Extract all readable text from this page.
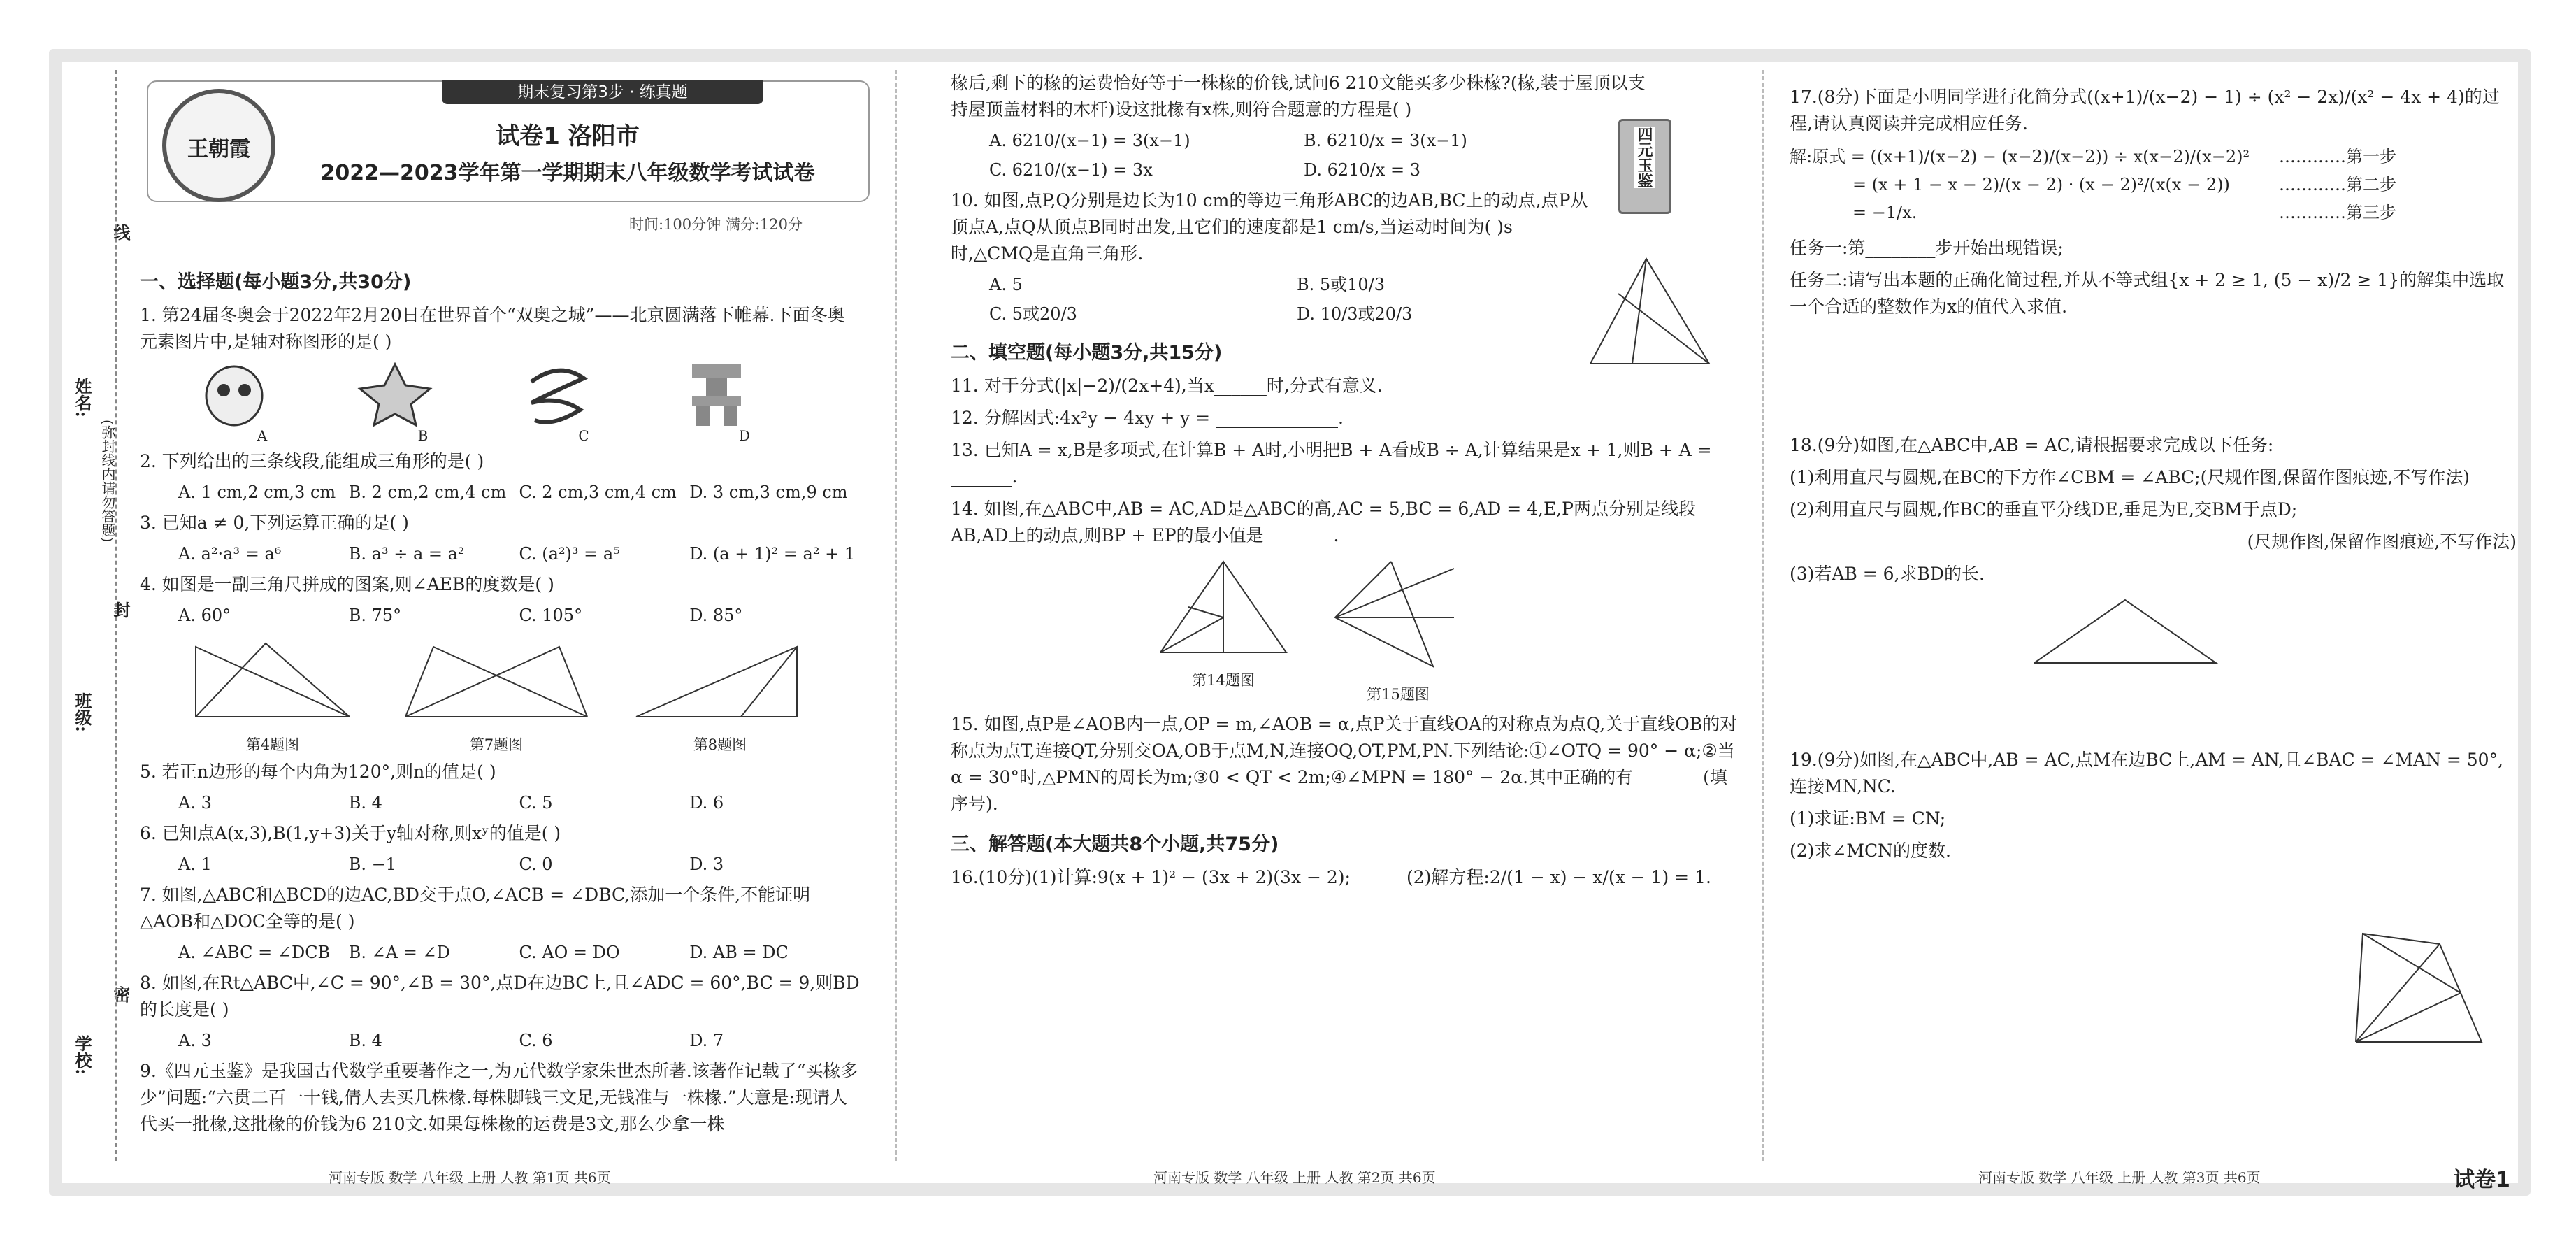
线
姓名:
(弥封线内请勿答题)
封
班级:
密
学校:
期末复习第3步 · 练真题
王朝霞	试卷1 洛阳市
2022—2023学年第一学期期末八年级数学考试试卷
时间:100分钟 满分:120分
一、选择题(每小题3分,共30分)
1. 第24届冬奥会于2022年2月20日在世界首个“双奥之城”——北京圆满落下帷幕.下面冬奥元素图片中,是轴对称图形的是( )
A	B	C	D
2. 下列给出的三条线段,能组成三角形的是( )
A. 1 cm,2 cm,3 cm B. 2 cm,2 cm,4 cm C. 2 cm,3 cm,4 cm D. 3 cm,3 cm,9 cm
3. 已知a ≠ 0,下列运算正确的是( )
A. a²·a³ = a⁶	B. a³ ÷ a = a²	C. (a²)³ = a⁵	D. (a + 1)² = a² + 1
4. 如图是一副三角尺拼成的图案,则∠AEB的度数是( )
A. 60°	B. 75°	C. 105°	D. 85°
第4题图	第7题图	第8题图
5. 若正n边形的每个内角为120°,则n的值是( )
A. 3	B. 4	C. 5	D. 6
6. 已知点A(x,3),B(1,y+3)关于y轴对称,则xʸ的值是( )
A. 1	B. −1	C. 0	D. 3
7. 如图,△ABC和△BCD的边AC,BD交于点O,∠ACB = ∠DBC,添加一个条件,不能证明△AOB和△DOC全等的是( )
A. ∠ABC = ∠DCB	B. ∠A = ∠D	C. AO = DO	D. AB = DC
8. 如图,在Rt△ABC中,∠C = 90°,∠B = 30°,点D在边BC上,且∠ADC = 60°,BC = 9,则BD的长度是( )
A. 3	B. 4	C. 6	D. 7
9.《四元玉鉴》是我国古代数学重要著作之一,为元代数学家朱世杰所著.该著作记载了“买椽多少”问题:“六贯二百一十钱,倩人去买几株椽.每株脚钱三文足,无钱准与一株椽.”大意是:现请人代买一批椽,这批椽的价钱为6 210文.如果每株椽的运费是3文,那么少拿一株
椽后,剩下的椽的运费恰好等于一株椽的价钱,试问6 210文能买多少株椽?(椽,装于屋顶以支持屋顶盖材料的木杆)设这批椽有x株,则符合题意的方程是( )
A. 6210/(x−1) = 3(x−1)	B. 6210/x = 3(x−1)
C. 6210/(x−1) = 3x	D. 6210/x = 3
10. 如图,点P,Q分别是边长为10 cm的等边三角形ABC的边AB,BC上的动点,点P从顶点A,点Q从顶点B同时出发,且它们的速度都是1 cm/s,当运动时间为( )s时,△CMQ是直角三角形.
A. 5	B. 5或10/3
C. 5或20/3	D. 10/3或20/3
二、填空题(每小题3分,共15分)
11. 对于分式(|x|−2)/(2x+4),当x______时,分式有意义.
12. 分解因式:4x²y − 4xy + y = ______________.
13. 已知A = x,B是多项式,在计算B + A时,小明把B + A看成B ÷ A,计算结果是x + 1,则B + A = _______.
14. 如图,在△ABC中,AB = AC,AD是△ABC的高,AC = 5,BC = 6,AD = 4,E,P两点分别是线段AB,AD上的动点,则BP + EP的最小值是________.
第14题图
第15题图
15. 如图,点P是∠AOB内一点,OP = m,∠AOB = α,点P关于直线OA的对称点为点Q,关于直线OB的对称点为点T,连接QT,分别交OA,OB于点M,N,连接OQ,OT,PM,PN.下列结论:①∠OTQ = 90° − α;②当α = 30°时,△PMN的周长为m;③0 < QT < 2m;④∠MPN = 180° − 2α.其中正确的有________(填序号).
三、解答题(本大题共8个小题,共75分)
16.(10分)(1)计算:9(x + 1)² − (3x + 2)(3x − 2);	(2)解方程:2/(1 − x) − x/(x − 1) = 1.
四元玉鉴
17.(8分)下面是小明同学进行化简分式((x+1)/(x−2) − 1) ÷ (x² − 2x)/(x² − 4x + 4)的过程,请认真阅读并完成相应任务.
解:原式 = ((x+1)/(x−2) − (x−2)/(x−2)) ÷ x(x−2)/(x−2)²	…………第一步
= (x + 1 − x − 2)/(x − 2) · (x − 2)²/(x(x − 2))	…………第二步
= −1/x.	…………第三步
任务一:第________步开始出现错误;
任务二:请写出本题的正确化简过程,并从不等式组{x + 2 ≥ 1, (5 − x)/2 ≥ 1}的解集中选取一个合适的整数作为x的值代入求值.
18.(9分)如图,在△ABC中,AB = AC,请根据要求完成以下任务:
(1)利用直尺与圆规,在BC的下方作∠CBM = ∠ABC;(尺规作图,保留作图痕迹,不写作法)
(2)利用直尺与圆规,作BC的垂直平分线DE,垂足为E,交BM于点D;
(尺规作图,保留作图痕迹,不写作法)
(3)若AB = 6,求BD的长.
19.(9分)如图,在△ABC中,AB = AC,点M在边BC上,AM = AN,且∠BAC = ∠MAN = 50°,连接MN,NC.
(1)求证:BM = CN;
(2)求∠MCN的度数.
河南专版 数学 八年级 上册 人教 第1页 共6页	河南专版 数学 八年级 上册 人教 第2页 共6页	河南专版 数学 八年级 上册 人教 第3页 共6页	试卷1
